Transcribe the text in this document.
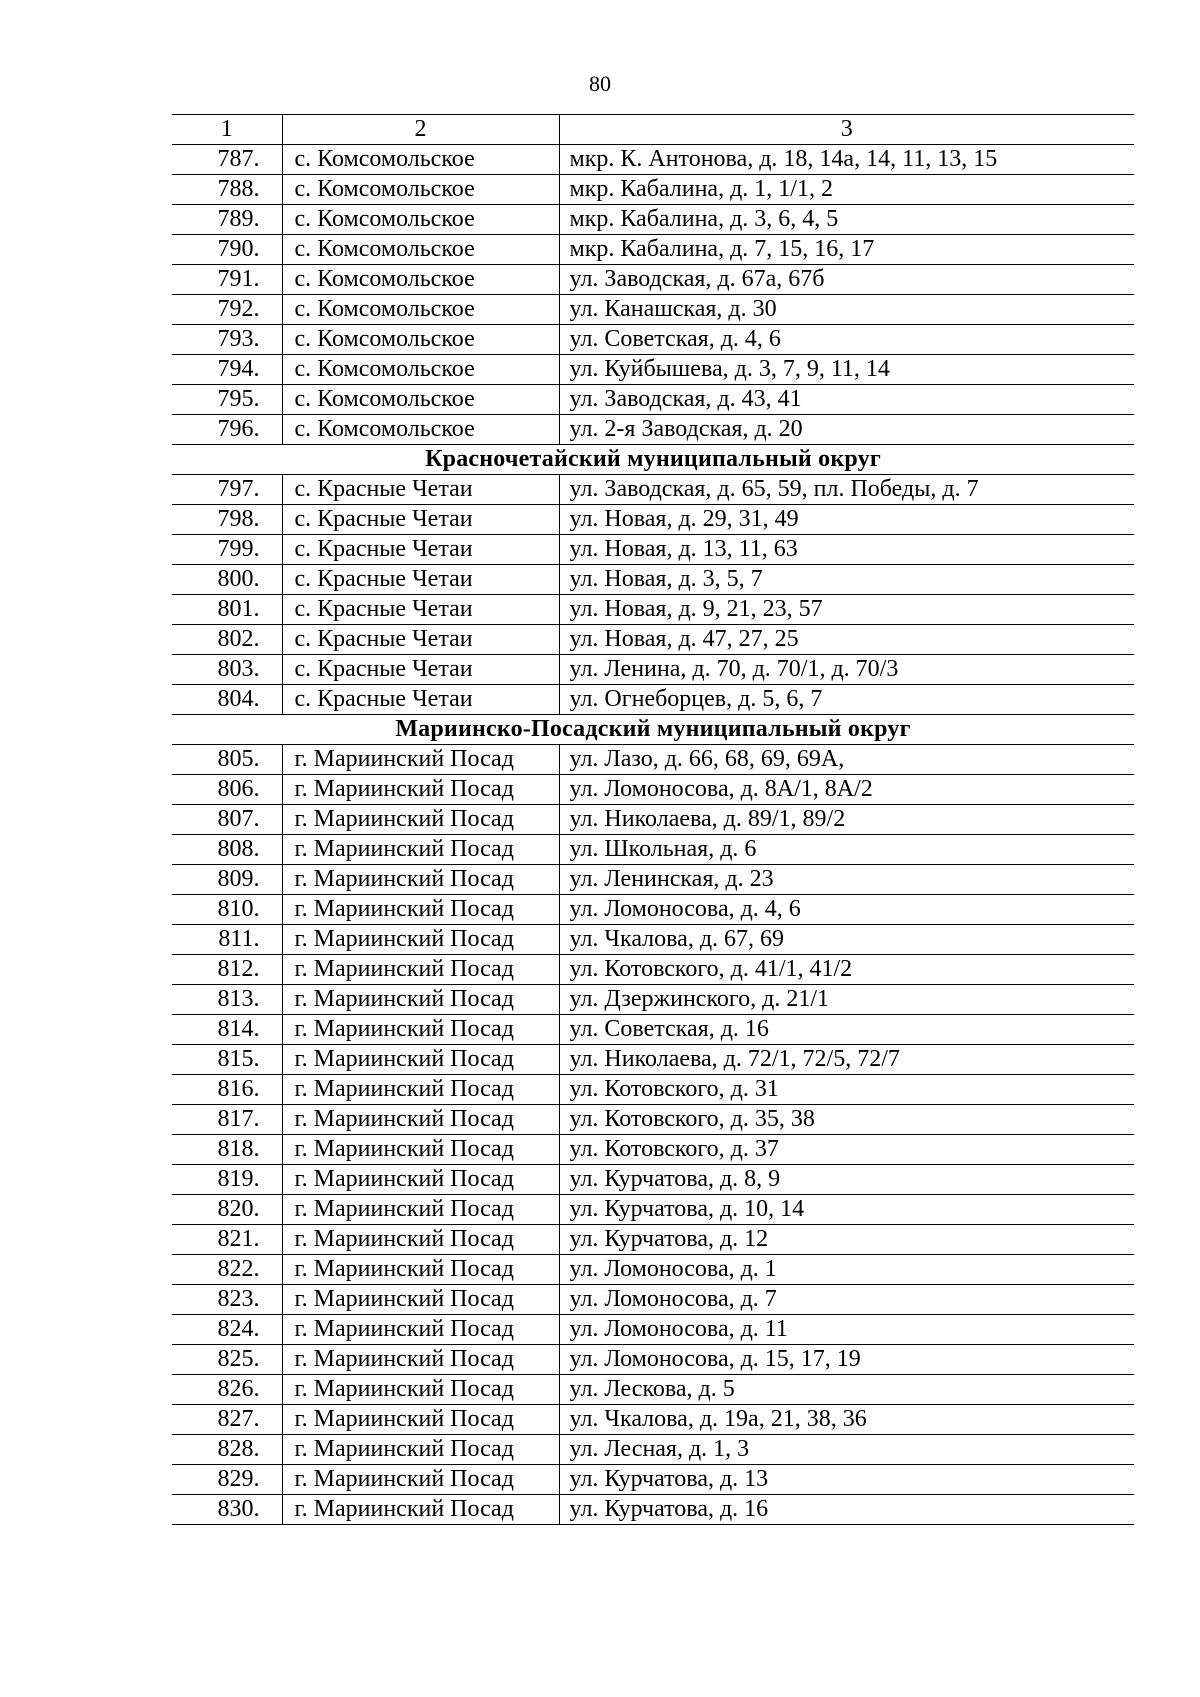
80
1	2	3
787.	с. Комсомольское	мкр. К. Антонова, д. 18, 14а, 14, 11, 13, 15
788.	с. Комсомольское	мкр. Кабалина, д. 1, 1/1, 2
789.	с. Комсомольское	мкр. Кабалина, д. 3, 6, 4, 5
790.	с. Комсомольское	мкр. Кабалина, д. 7, 15, 16, 17
791.	с. Комсомольское	ул. Заводская, д. 67а, 67б
792.	с. Комсомольское	ул. Канашская, д. 30
793.	с. Комсомольское	ул. Советская, д. 4, 6
794.	с. Комсомольское	ул. Куйбышева, д. 3, 7, 9, 11, 14
795.	с. Комсомольское	ул. Заводская, д. 43, 41
796.	с. Комсомольское	ул. 2-я Заводская, д. 20
Красночетайский муниципальный округ		
797.	с. Красные Четаи	ул. Заводская, д. 65, 59, пл. Победы, д. 7
798.	с. Красные Четаи	ул. Новая, д. 29, 31, 49
799.	с. Красные Четаи	ул. Новая, д. 13, 11, 63
800.	с. Красные Четаи	ул. Новая, д. 3, 5, 7
801.	с. Красные Четаи	ул. Новая, д. 9, 21, 23, 57
802.	с. Красные Четаи	ул. Новая, д. 47, 27, 25
803.	с. Красные Четаи	ул. Ленина, д. 70, д. 70/1, д. 70/3
804.	с. Красные Четаи	ул. Огнеборцев, д. 5, 6, 7
Мариинско-Посадский муниципальный округ		
805.	г. Мариинский Посад	ул. Лазо, д. 66, 68, 69, 69А,
806.	г. Мариинский Посад	ул. Ломоносова, д. 8А/1, 8А/2
807.	г. Мариинский Посад	ул. Николаева, д. 89/1, 89/2
808.	г. Мариинский Посад	ул. Школьная, д. 6
809.	г. Мариинский Посад	ул. Ленинская, д. 23
810.	г. Мариинский Посад	ул. Ломоносова, д. 4, 6
811.	г. Мариинский Посад	ул. Чкалова, д. 67, 69
812.	г. Мариинский Посад	ул. Котовского, д. 41/1, 41/2
813.	г. Мариинский Посад	ул. Дзержинского, д. 21/1
814.	г. Мариинский Посад	ул. Советская, д. 16
815.	г. Мариинский Посад	ул. Николаева, д. 72/1, 72/5, 72/7
816.	г. Мариинский Посад	ул. Котовского, д. 31
817.	г. Мариинский Посад	ул. Котовского, д. 35, 38
818.	г. Мариинский Посад	ул. Котовского, д. 37
819.	г. Мариинский Посад	ул. Курчатова, д. 8, 9
820.	г. Мариинский Посад	ул. Курчатова, д. 10, 14
821.	г. Мариинский Посад	ул. Курчатова, д. 12
822.	г. Мариинский Посад	ул. Ломоносова, д. 1
823.	г. Мариинский Посад	ул. Ломоносова, д. 7
824.	г. Мариинский Посад	ул. Ломоносова, д. 11
825.	г. Мариинский Посад	ул. Ломоносова, д. 15, 17, 19
826.	г. Мариинский Посад	ул. Лескова, д. 5
827.	г. Мариинский Посад	ул. Чкалова, д. 19а, 21, 38, 36
828.	г. Мариинский Посад	ул. Лесная, д. 1, 3
829.	г. Мариинский Посад	ул. Курчатова, д. 13
830.	г. Мариинский Посад	ул. Курчатова, д. 16
